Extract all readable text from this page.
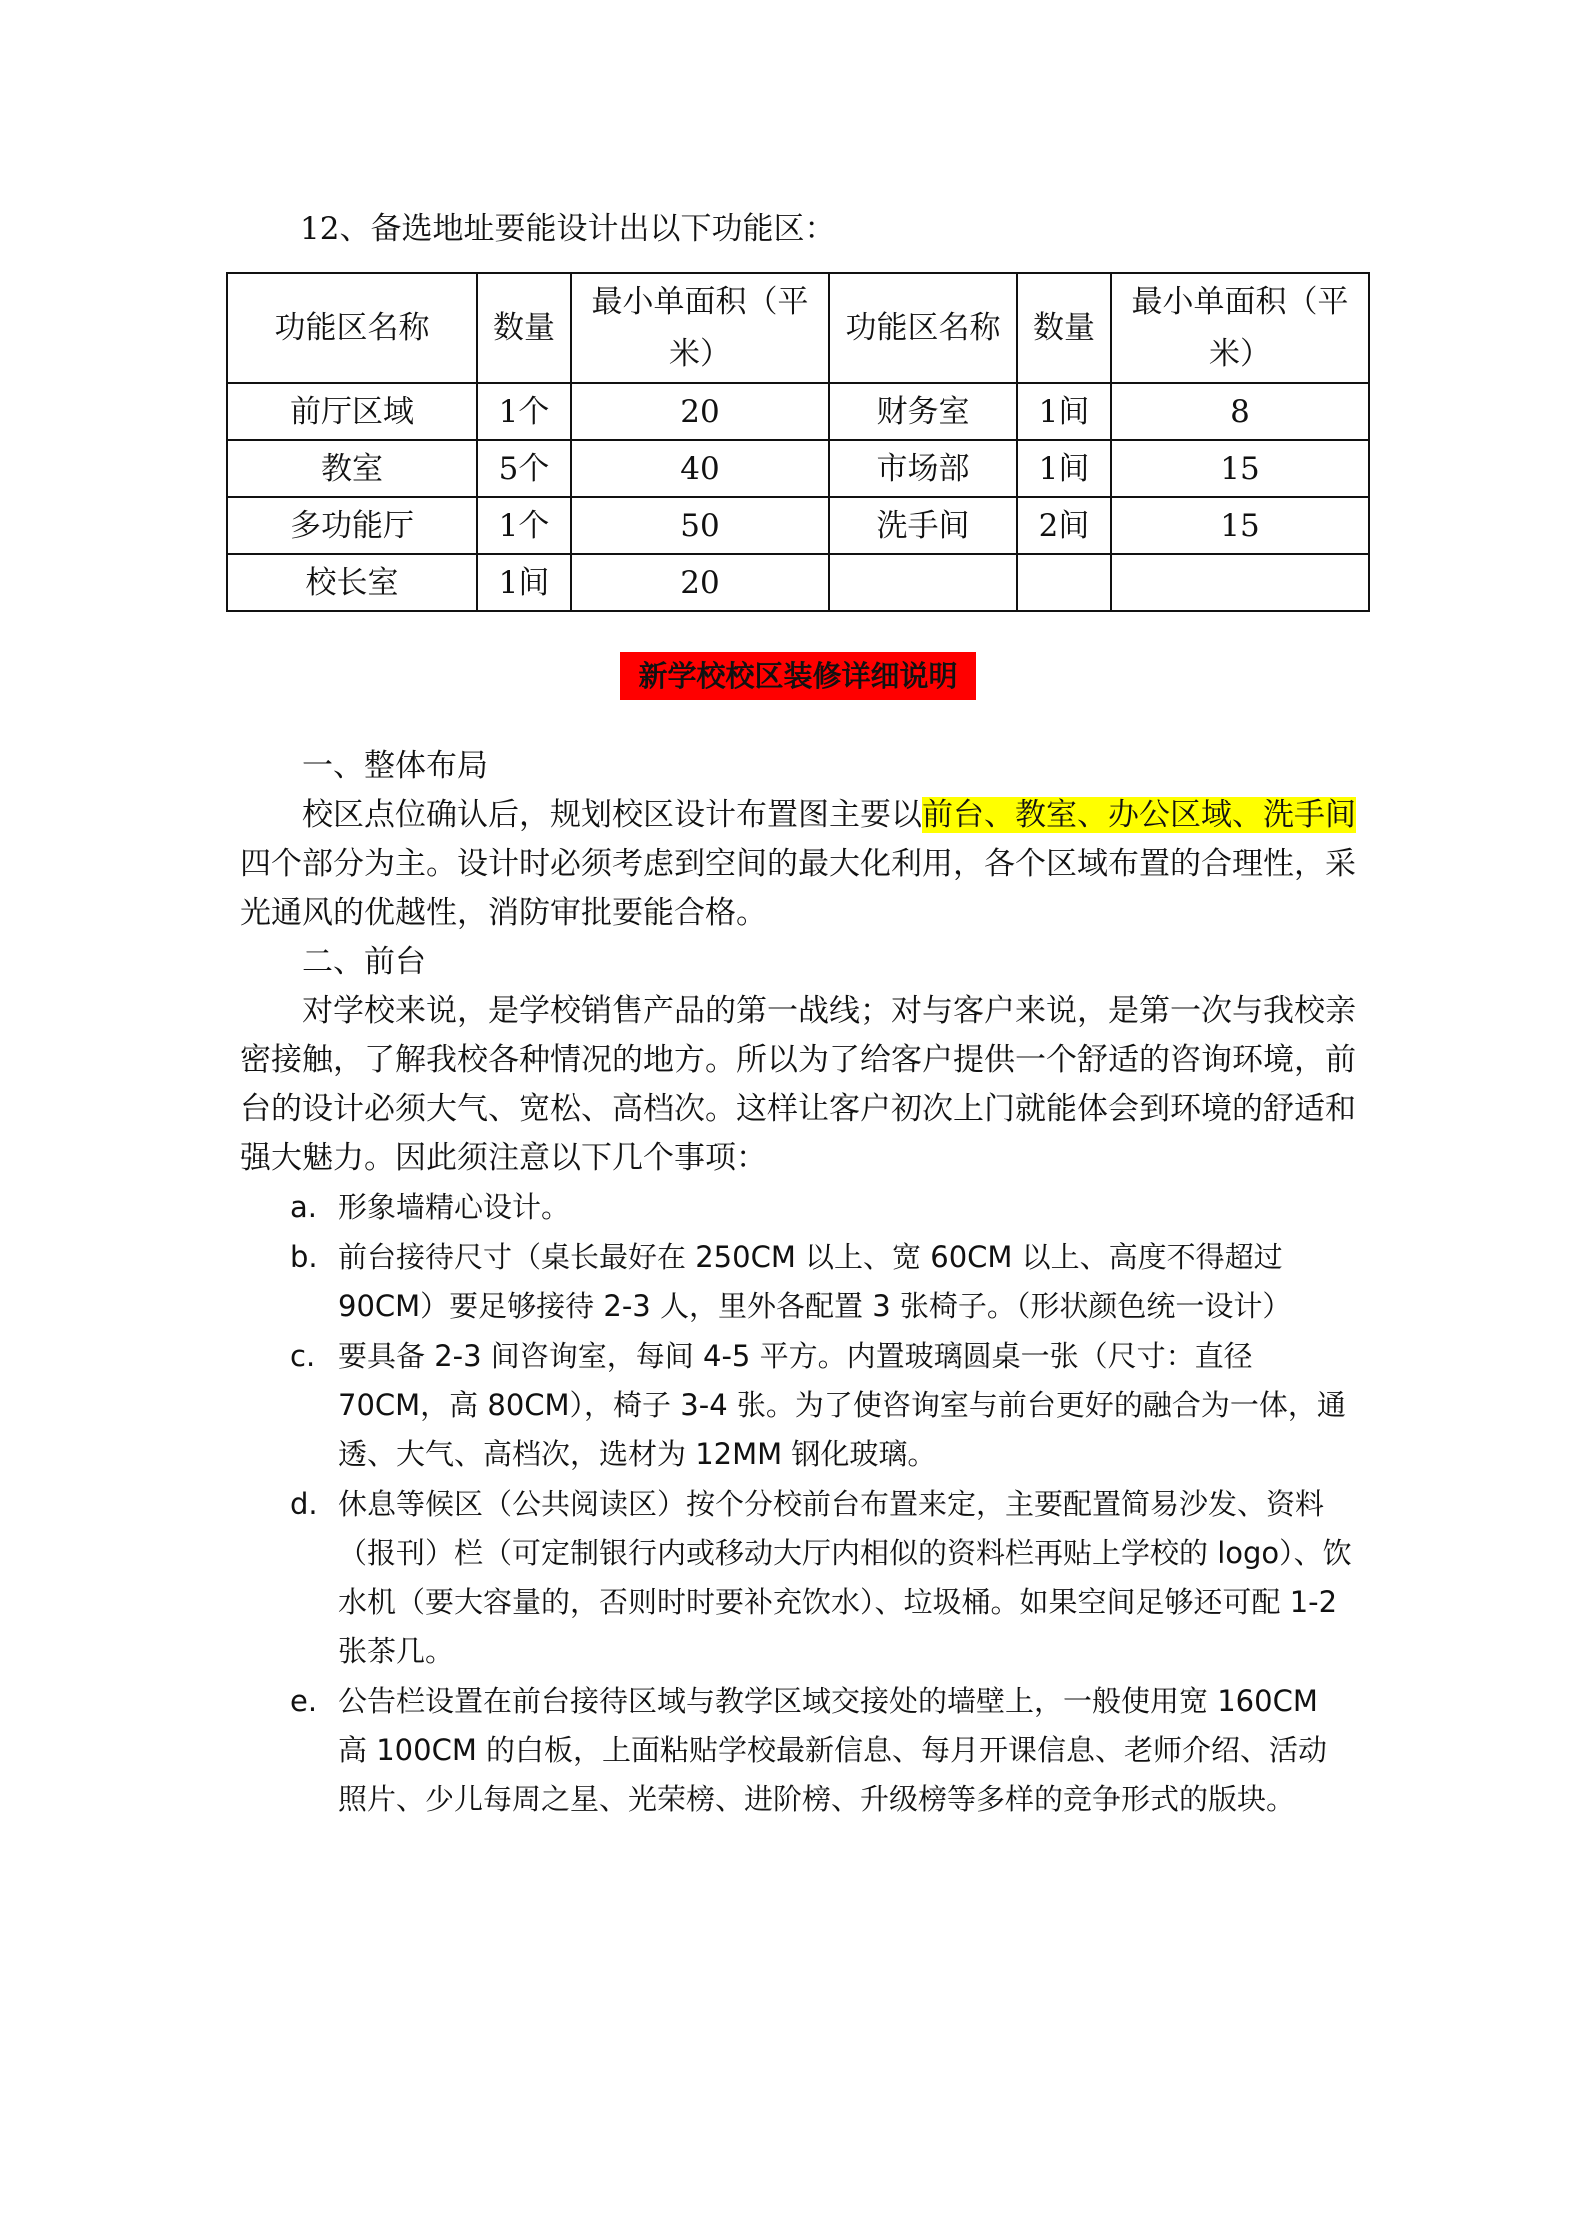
12、备选地址要能设计出以下功能区：
功能区名称	数量	最小单面积（平米）	功能区名称	数量	最小单面积（平米）
前厅区域	1个	20	财务室	1间	8
教室	5个	40	市场部	1间	15
多功能厅	1个	50	洗手间	2间	15
校长室	1间	20			
新学校校区装修详细说明

一、整体布局

校区点位确认后，规划校区设计布置图主要以前台、教室、办公区域、洗手间四个部分为主。设计时必须考虑到空间的最大化利用，各个区域布置的合理性，采光通风的优越性，消防审批要能合格。

二、前台

对学校来说，是学校销售产品的第一战线；对与客户来说，是第一次与我校亲密接触，了解我校各种情况的地方。所以为了给客户提供一个舒适的咨询环境，前台的设计必须大气、宽松、高档次。这样让客户初次上门就能体会到环境的舒适和强大魅力。因此须注意以下几个事项：

a. 形象墙精心设计。
b. 前台接待尺寸（桌长最好在 250CM 以上、宽 60CM 以上、高度不得超过 90CM）要足够接待 2-3 人，里外各配置 3 张椅子。（形状颜色统一设计）
c. 要具备 2-3 间咨询室，每间 4-5 平方。内置玻璃圆桌一张（尺寸：直径 70CM，高 80CM），椅子 3-4 张。为了使咨询室与前台更好的融合为一体，通透、大气、高档次，选材为 12MM 钢化玻璃。
d. 休息等候区（公共阅读区）按个分校前台布置来定，主要配置简易沙发、资料（报刊）栏（可定制银行内或移动大厅内相似的资料栏再贴上学校的 logo）、饮水机（要大容量的，否则时时要补充饮水）、垃圾桶。如果空间足够还可配 1-2 张茶几。
e. 公告栏设置在前台接待区域与教学区域交接处的墙壁上，一般使用宽 160CM 高 100CM 的白板，上面粘贴学校最新信息、每月开课信息、老师介绍、活动照片、少儿每周之星、光荣榜、进阶榜、升级榜等多样的竞争形式的版块。
